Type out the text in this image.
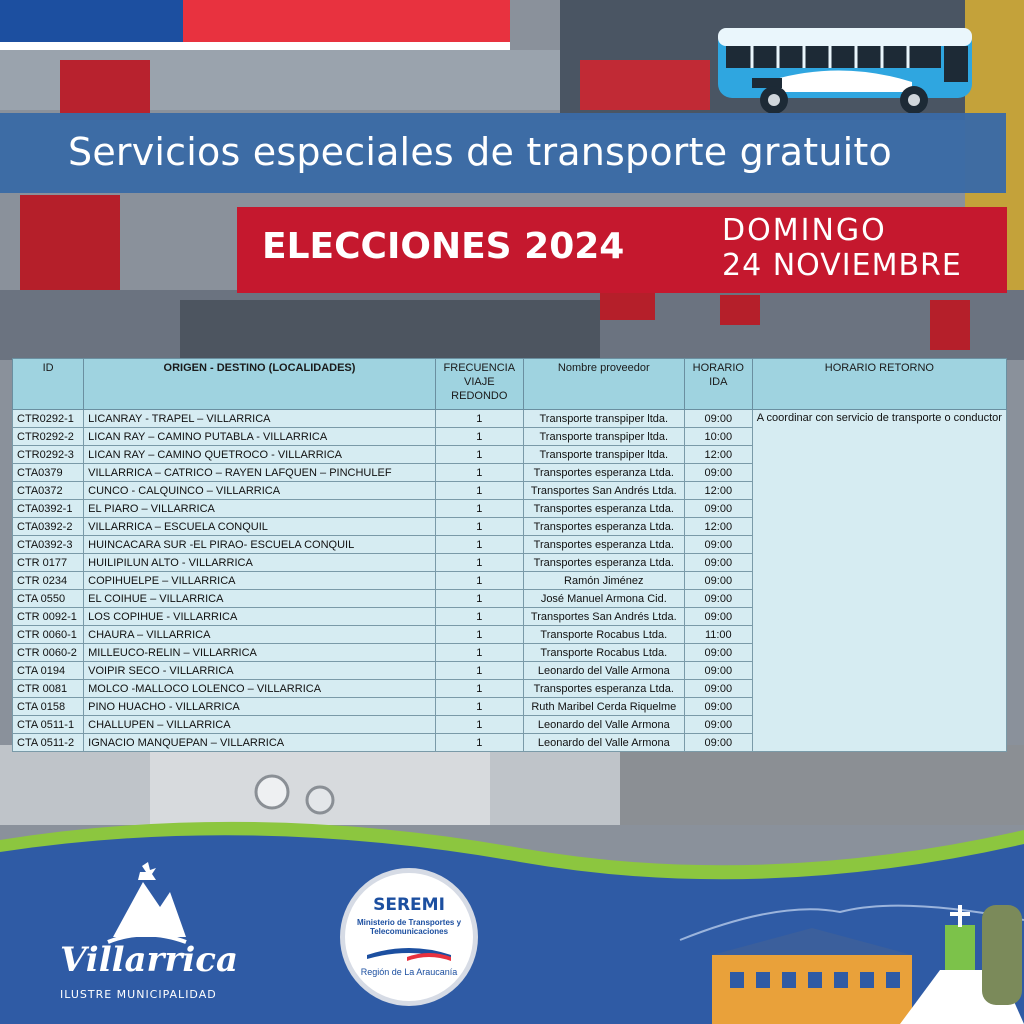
Servicios especiales de transporte gratuito
ELECCIONES 2024	DOMINGO
24 NOVIEMBRE
ID	ORIGEN - DESTINO (LOCALIDADES)	FRECUENCIA VIAJE REDONDO	Nombre proveedor	HORARIO IDA	HORARIO RETORNO
CTR0292-1	LICANRAY - TRAPEL – VILLARRICA	1	Transporte transpiper ltda.	09:00	A coordinar con servicio de transporte o conductor
CTR0292-2	LICAN RAY – CAMINO PUTABLA - VILLARRICA	1	Transporte transpiper ltda.	10:00	
CTR0292-3	LICAN RAY – CAMINO QUETROCO - VILLARRICA	1	Transporte transpiper ltda.	12:00	
CTA0379	VILLARRICA – CATRICO – RAYEN LAFQUEN – PINCHULEF	1	Transportes esperanza Ltda.	09:00	
CTA0372	CUNCO - CALQUINCO – VILLARRICA	1	Transportes San Andrés Ltda.	12:00	
CTA0392-1	EL PIARO – VILLARRICA	1	Transportes esperanza Ltda.	09:00	
CTA0392-2	VILLARRICA – ESCUELA CONQUIL	1	Transportes esperanza Ltda.	12:00	
CTA0392-3	HUINCACARA SUR -EL PIRAO- ESCUELA CONQUIL	1	Transportes esperanza Ltda.	09:00	
CTR 0177	HUILIPILUN ALTO - VILLARRICA	1	Transportes esperanza Ltda.	09:00	
CTR 0234	COPIHUELPE – VILLARRICA	1	Ramón Jiménez	09:00	
CTA 0550	EL COIHUE – VILLARRICA	1	José Manuel Armona Cid.	09:00	
CTR 0092-1	LOS COPIHUE - VILLARRICA	1	Transportes San Andrés Ltda.	09:00	
CTR 0060-1	CHAURA – VILLARRICA	1	Transporte Rocabus Ltda.	11:00	
CTR 0060-2	MILLEUCO-RELIN – VILLARRICA	1	Transporte Rocabus Ltda.	09:00	
CTA 0194	VOIPIR SECO - VILLARRICA	1	Leonardo del Valle Armona	09:00	
CTR 0081	MOLCO -MALLOCO LOLENCO – VILLARRICA	1	Transportes esperanza Ltda.	09:00	
CTA 0158	PINO HUACHO - VILLARRICA	1	Ruth Maribel Cerda Riquelme	09:00	
CTA 0511-1	CHALLUPEN – VILLARRICA	1	Leonardo del Valle Armona	09:00	
CTA 0511-2	IGNACIO MANQUEPAN – VILLARRICA	1	Leonardo del Valle Armona	09:00	
Villarrica
ILUSTRE MUNICIPALIDAD
SEREMI
Ministerio de Transportes y Telecomunicaciones
Región de La Araucanía
